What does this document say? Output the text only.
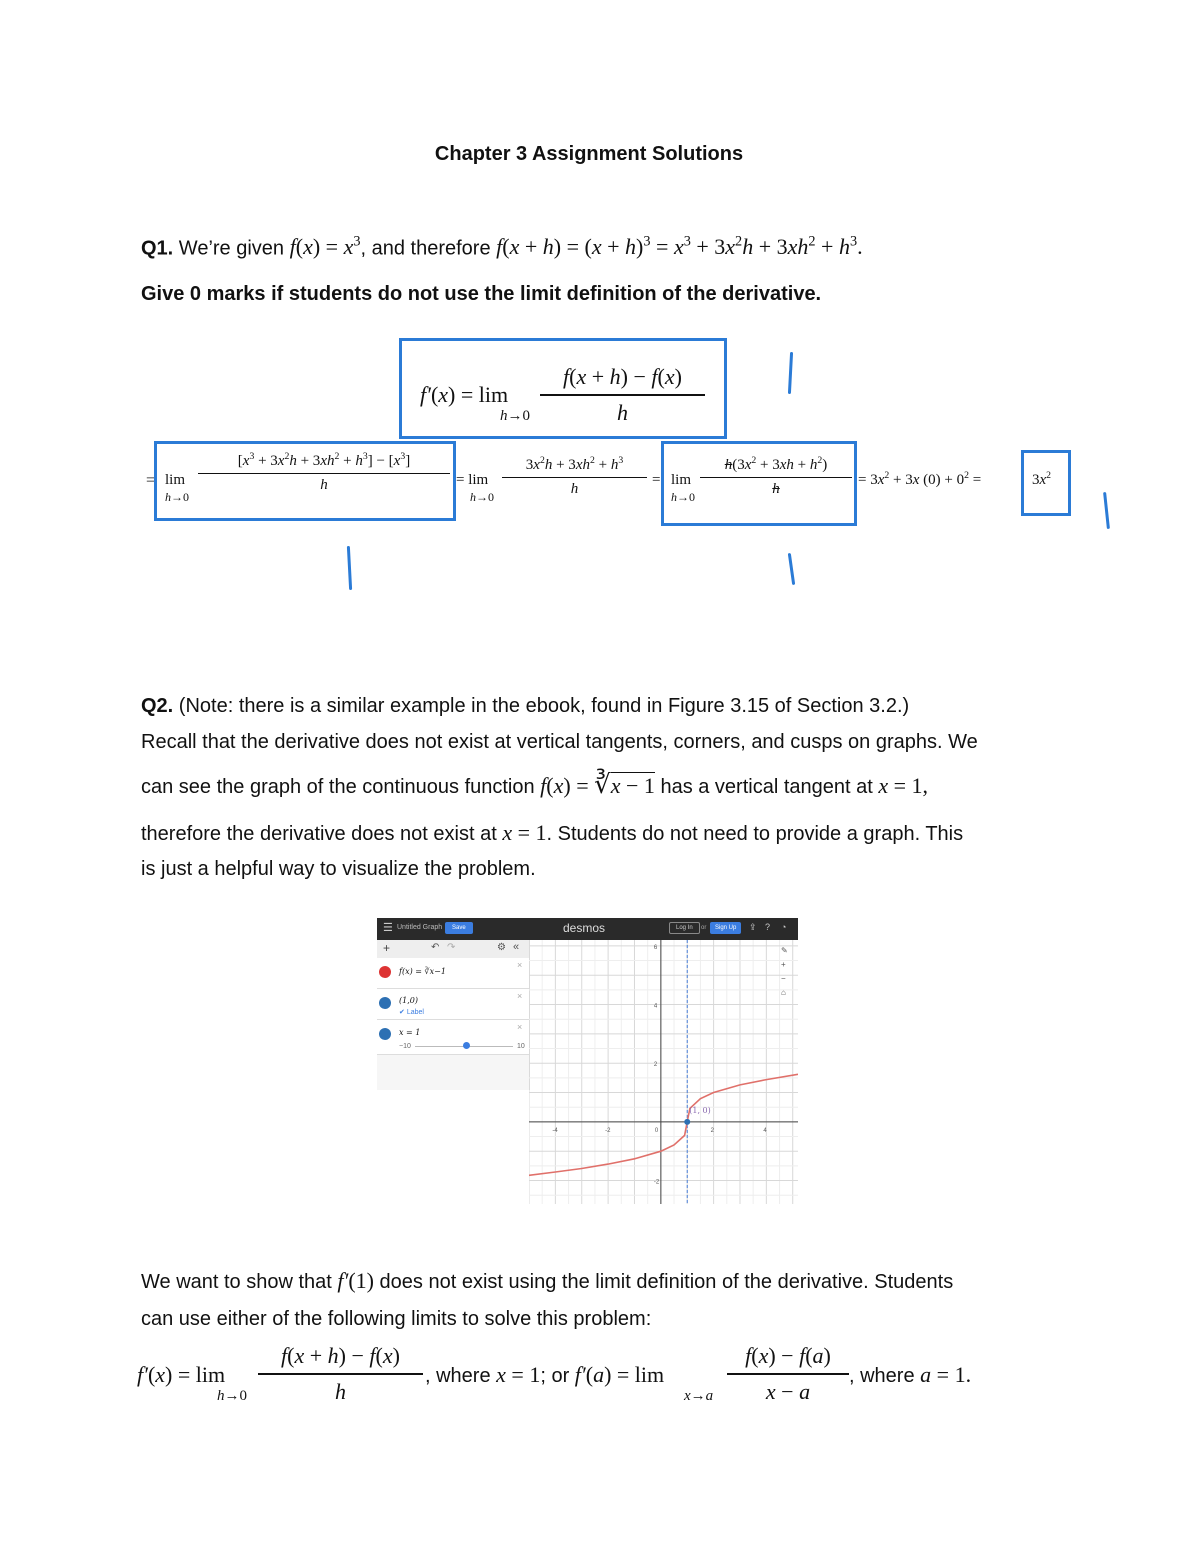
Chapter 3 Assignment Solutions
Q1. We’re given $f(x) = x^3$, and therefore $f(x + h) = (x + h)^3 = x^3 + 3x^2h + 3xh^2 + h^3$.
Give 0 marks if students do not use the limit definition of the derivative.
f′(x) = lim
h→0
f(x + h) − f(x)
h
= lim
h→0
$[x^3 + 3x^2h + 3xh^2 + h^3] - [x^3]$
h	= lim
h→0
$3x^2h + 3xh^2 + h^3$
h
= lim
h→0
$h(3x^2 + 3xh + h^2)$
h
= $3x^2 + 3x$ $(0) + 0^2$ =	$3x^2$
Q2. (Note: there is a similar example in the ebook, found in Figure 3.15 of Section 3.2.)
Recall that the derivative does not exist at vertical tangents, corners, and cusps on graphs. We
can see the graph of the continuous function f(x) = ∛x − 1 has a vertical tangent at x = 1,
therefore the derivative does not exist at x = 1. Students do not need to provide a graph. This
is just a helpful way to visualize the problem.
☰ Untitled Graph	Save	desmos	Log In	or	Sign Up	⇪ ? ◔
+	↶ ↷	⚙ «
f(x) = ∛x−1
×
(1,0)
✔ Label
×
x = 1
−10	10
×
-4	-2	0	2	4
6
4
2
-2
(1, 0)
✎
+
−
⌂
We want to show that f′(1) does not exist using the limit definition of the derivative. Students
can use either of the following limits to solve this problem:
f′(x) = lim
h→0
f(x + h) − f(x)
h
, where x = 1; or f′(a) = lim
x→a
f(x) − f(a)
x − a
, where a = 1.
